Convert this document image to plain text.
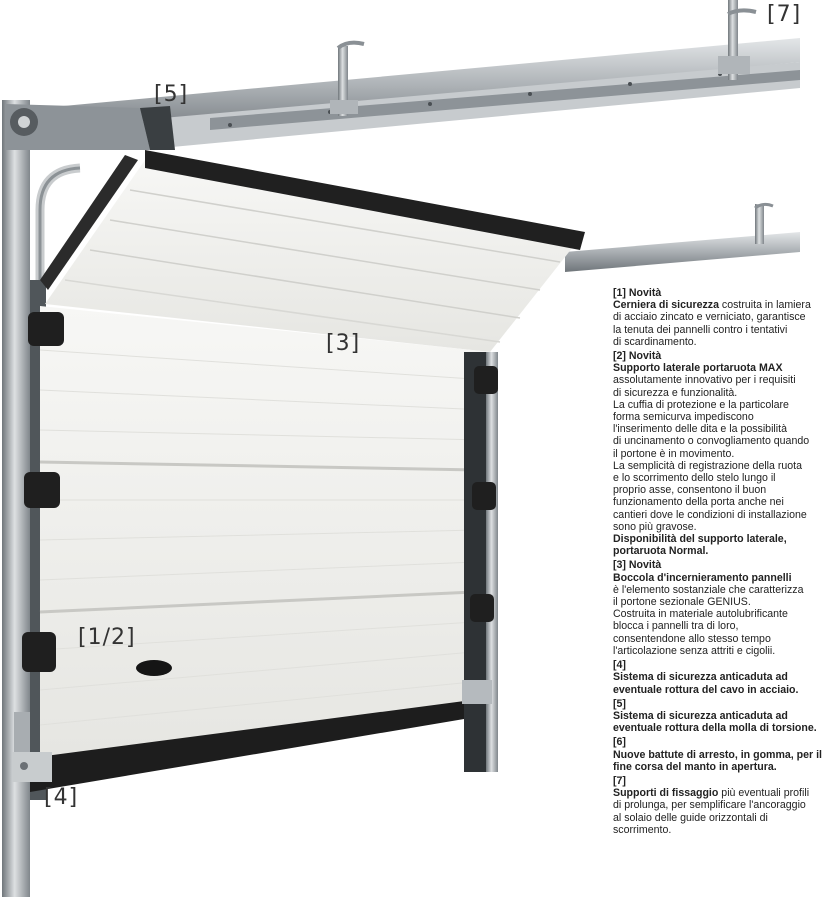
[7]
[5]
[3]
[1/2]
[4]

[1] Novità

Cerniera di sicurezza costruita in lamiera

di acciaio zincato e verniciato, garantisce

la tenuta dei pannelli contro i tentativi

di scardinamento.

[2] Novità

Supporto laterale portaruota MAX

assolutamente innovativo per i requisiti

di sicurezza e funzionalità.

La cuffia di protezione e la particolare

forma semicurva impediscono

l'inserimento delle dita e la possibilità

di uncinamento o convogliamento quando

il portone è in movimento.

La semplicità di registrazione della ruota

e lo scorrimento dello stelo lungo il

proprio asse, consentono il buon

funzionamento della porta anche nei

cantieri dove le condizioni di installazione

sono più gravose.

Disponibilità del supporto laterale,

portaruota Normal.

[3] Novità

Boccola d'incernieramento pannelli

è l'elemento sostanziale che caratterizza

il portone sezionale GENIUS.

Costruita in materiale autolubrificante

blocca i pannelli tra di loro,

consentendone allo stesso tempo

l'articolazione senza attriti e cigolii.

[4]

Sistema di sicurezza anticaduta ad

eventuale rottura del cavo in acciaio.

[5]

Sistema di sicurezza anticaduta ad

eventuale rottura della molla di torsione.

[6]

Nuove battute di arresto, in gomma, per il

fine corsa del manto in apertura.

[7]

Supporti di fissaggio più eventuali profili

di prolunga, per semplificare l'ancoraggio

al solaio delle guide orizzontali di

scorrimento.
